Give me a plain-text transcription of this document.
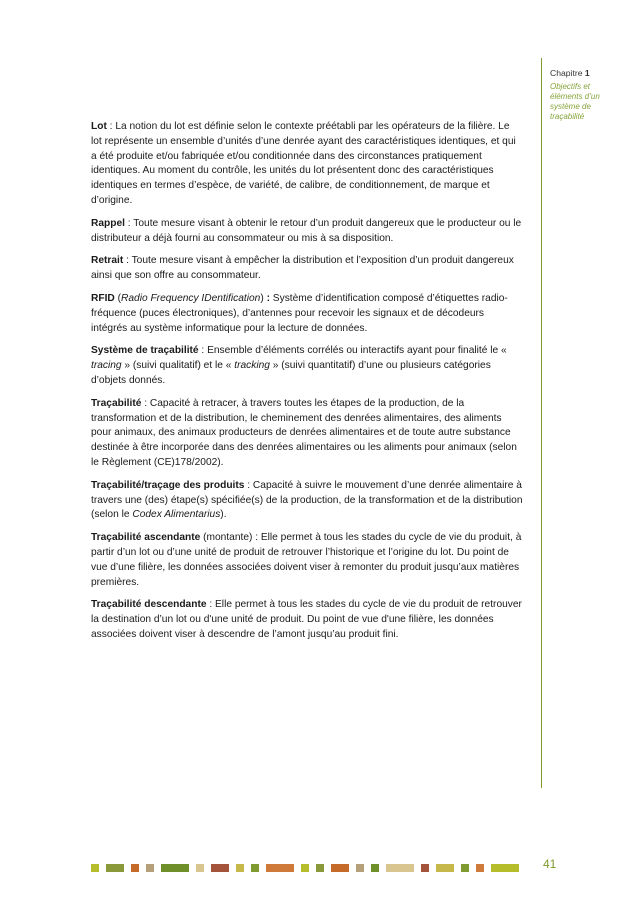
Chapitre 1
Objectifs et
éléments d’un
système de
traçabilité

Lot : La notion du lot est définie selon le contexte préétabli par les opérateurs de la filière. Le lot représente un ensemble d’unités d’une denrée ayant des caractéristiques identiques, et qui a été produite et/ou fabriquée et/ou conditionnée dans des circonstances pratiquement identiques. Au moment du contrôle, les unités du lot présentent donc des caractéristiques identiques en termes d’espèce, de variété, de calibre, de conditionnement, de marque et d’origine.

Rappel : Toute mesure visant à obtenir le retour d’un produit dangereux que le producteur ou le distributeur a déjà fourni au consommateur ou mis à sa disposition.

Retrait : Toute mesure visant à empêcher la distribution et l’exposition d’un produit dangereux ainsi que son offre au consommateur.

RFID (Radio Frequency IDentification) : Système d’identification composé d’étiquettes radio-fréquence (puces électroniques), d’antennes pour recevoir les signaux et de décodeurs intégrés au système informatique pour la lecture de données.

Système de traçabilité : Ensemble d’éléments corrélés ou interactifs ayant pour finalité le « tracing » (suivi qualitatif) et le « tracking » (suivi quantitatif) d’une ou plusieurs catégories d’objets donnés.

Traçabilité : Capacité à retracer, à travers toutes les étapes de la production, de la transformation et de la distribution, le cheminement des denrées alimentaires, des aliments pour animaux, des animaux producteurs de denrées alimentaires et de toute autre substance destinée à être incorporée dans des denrées alimentaires ou les aliments pour animaux (selon le Règlement (CE)178/2002).

Traçabilité/traçage des produits : Capacité à suivre le mouvement d’une denrée alimentaire à travers une (des) étape(s) spécifiée(s) de la production, de la transformation et de la distribution (selon le Codex Alimentarius).

Traçabilité ascendante (montante) : Elle permet à tous les stades du cycle de vie du produit, à partir d’un lot ou d’une unité de produit de retrouver l’historique et l’origine du lot. Du point de vue d’une filière, les données associées doivent viser à remonter du produit jusqu’aux matières premières.

Traçabilité descendante : Elle permet à tous les stades du cycle de vie du produit de retrouver la destination d’un lot ou d'une unité de produit. Du point de vue d'une filière, les données associées doivent viser à descendre de l’amont jusqu’au produit fini.

41
